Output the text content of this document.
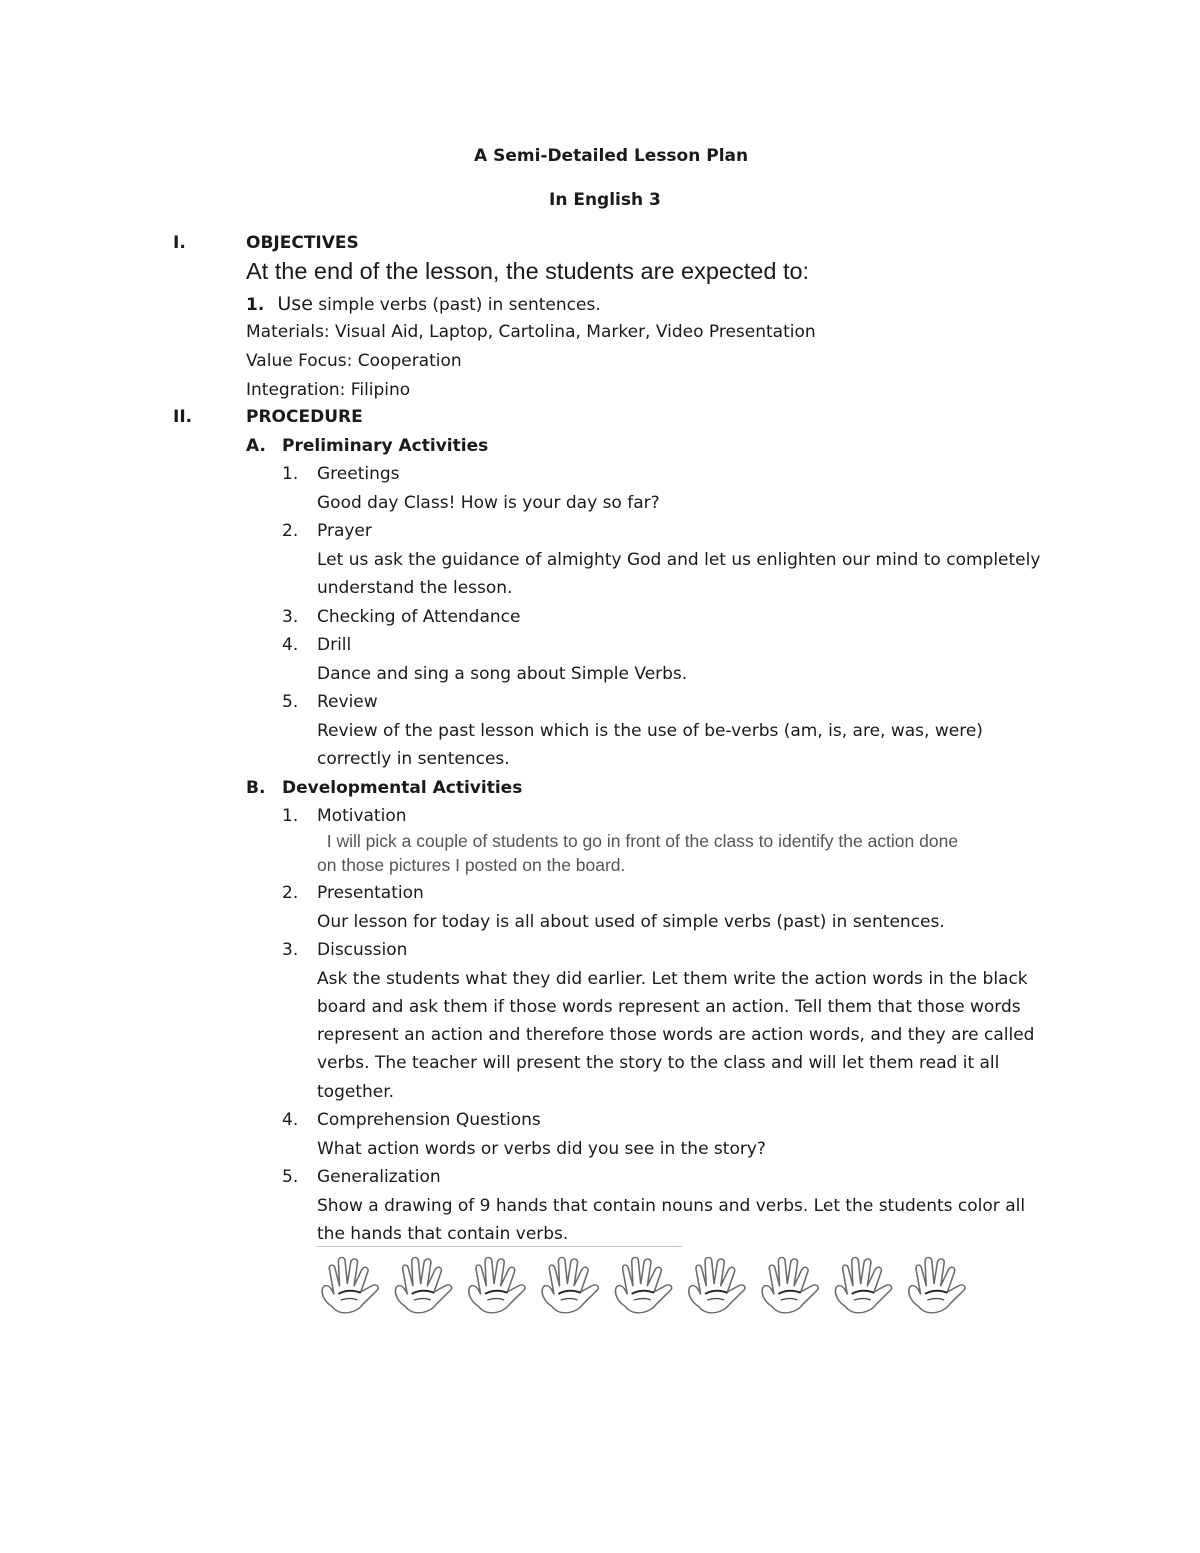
A Semi-Detailed Lesson Plan
In English 3
I.	OBJECTIVES
At the end of the lesson, the students are expected to:
1. Use simple verbs (past) in sentences.
Materials: Visual Aid, Laptop, Cartolina, Marker, Video Presentation
Value Focus: Cooperation
Integration: Filipino
II.	PROCEDURE
A. Preliminary Activities
1. Greetings
Good day Class! How is your day so far?
2. Prayer
Let us ask the guidance of almighty God and let us enlighten our mind to completely
understand the lesson.
3. Checking of Attendance
4. Drill
Dance and sing a song about Simple Verbs.
5. Review
Review of the past lesson which is the use of be-verbs (am, is, are, was, were)
correctly in sentences.
B. Developmental Activities
1. Motivation
I will pick a couple of students to go in front of the class to identify the action done
on those pictures I posted on the board.
2. Presentation
Our lesson for today is all about used of simple verbs (past) in sentences.
3. Discussion
Ask the students what they did earlier. Let them write the action words in the black
board and ask them if those words represent an action. Tell them that those words
represent an action and therefore those words are action words, and they are called
verbs. The teacher will present the story to the class and will let them read it all
together.
4. Comprehension Questions
What action words or verbs did you see in the story?
5. Generalization
Show a drawing of 9 hands that contain nouns and verbs. Let the students color all
the hands that contain verbs.
